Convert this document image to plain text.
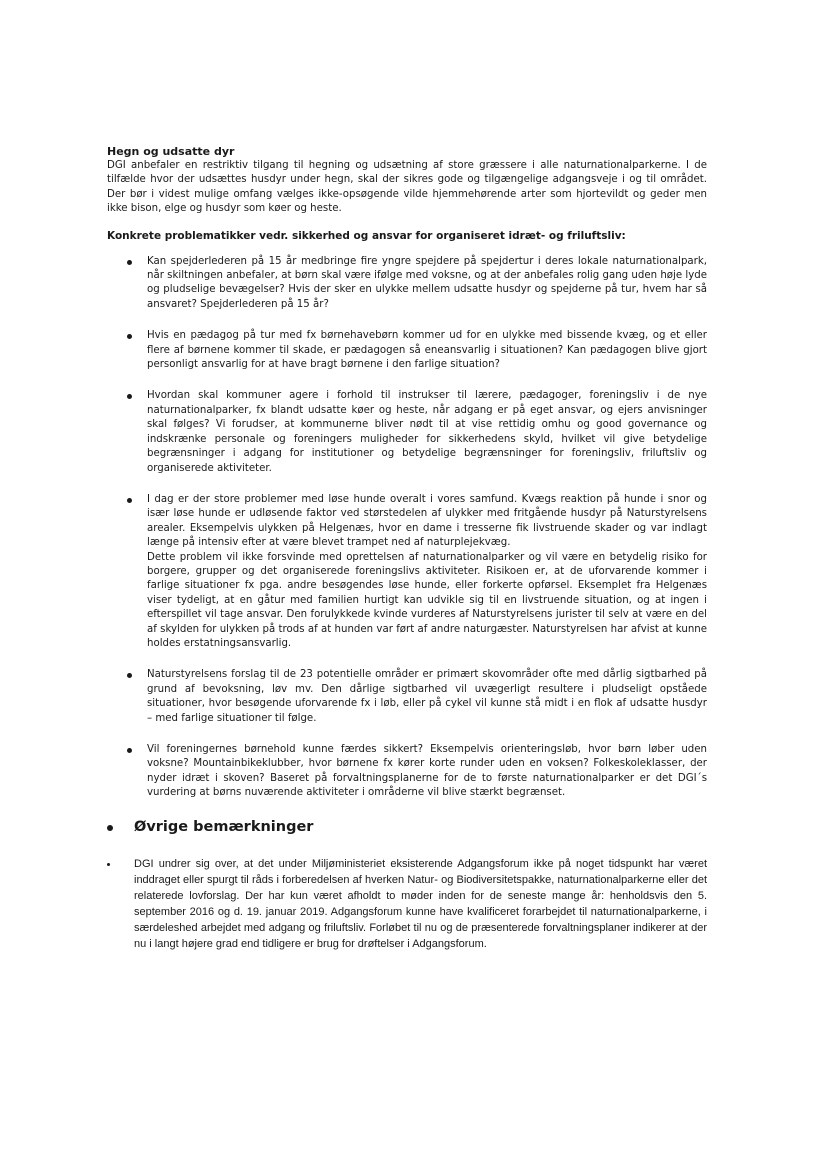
Hegn og udsatte dyr

DGI anbefaler en restriktiv tilgang til hegning og udsætning af store græssere i alle naturnationalparkerne. I de tilfælde hvor der udsættes husdyr under hegn, skal der sikres gode og tilgængelige adgangsveje i og til området. Der bør i videst mulige omfang vælges ikke-opsøgende vilde hjemmehørende arter som hjortevildt og geder men ikke bison, elge og husdyr som køer og heste.

Konkrete problematikker vedr. sikkerhed og ansvar for organiseret idræt- og friluftsliv:

Kan spejderlederen på 15 år medbringe fire yngre spejdere på spejdertur i deres lokale naturnationalpark, når skiltningen anbefaler, at børn skal være ifølge med voksne, og at der anbefales rolig gang uden høje lyde og pludselige bevægelser? Hvis der sker en ulykke mellem udsatte husdyr og spejderne på tur, hvem har så ansvaret? Spejderlederen på 15 år?

Hvis en pædagog på tur med fx børnehavebørn kommer ud for en ulykke med bissende kvæg, og et eller flere af børnene kommer til skade, er pædagogen så eneansvarlig i situationen? Kan pædagogen blive gjort personligt ansvarlig for at have bragt børnene i den farlige situation?

Hvordan skal kommuner agere i forhold til instrukser til lærere, pædagoger, foreningsliv i de nye naturnationalparker, fx blandt udsatte køer og heste, når adgang er på eget ansvar, og ejers anvisninger skal følges? Vi forudser, at kommunerne bliver nødt til at vise rettidig omhu og good governance og indskrænke personale og foreningers muligheder for sikkerhedens skyld, hvilket vil give betydelige begrænsninger i adgang for institutioner og betydelige begrænsninger for foreningsliv, friluftsliv og organiserede aktiviteter.

I dag er der store problemer med løse hunde overalt i vores samfund. Kvægs reaktion på hunde i snor og især løse hunde er udløsende faktor ved størstedelen af ulykker med fritgående husdyr på Naturstyrelsens arealer. Eksempelvis ulykken på Helgenæs, hvor en dame i tresserne fik livstruende skader og var indlagt længe på intensiv efter at være blevet trampet ned af naturplejekvæg.

Dette problem vil ikke forsvinde med oprettelsen af naturnationalparker og vil være en betydelig risiko for borgere, grupper og det organiserede foreningslivs aktiviteter. Risikoen er, at de uforvarende kommer i farlige situationer fx pga. andre besøgendes løse hunde, eller forkerte opførsel. Eksemplet fra Helgenæs viser tydeligt, at en gåtur med familien hurtigt kan udvikle sig til en livstruende situation, og at ingen i efterspillet vil tage ansvar. Den forulykkede kvinde vurderes af Naturstyrelsens jurister til selv at være en del af skylden for ulykken på trods af at hunden var ført af andre naturgæster. Naturstyrelsen har afvist at kunne holdes erstatningsansvarlig.

Naturstyrelsens forslag til de 23 potentielle områder er primært skovområder ofte med dårlig sigtbarhed på grund af bevoksning, løv mv. Den dårlige sigtbarhed vil uvægerligt resultere i pludseligt opståede situationer, hvor besøgende uforvarende fx i løb, eller på cykel vil kunne stå midt i en flok af udsatte husdyr – med farlige situationer til følge.

Vil foreningernes børnehold kunne færdes sikkert? Eksempelvis orienteringsløb, hvor børn løber uden voksne? Mountainbikeklubber, hvor børnene fx kører korte runder uden en voksen? Folkeskoleklasser, der nyder idræt i skoven? Baseret på forvaltningsplanerne for de to første naturnationalparker er det DGI´s vurdering at børns nuværende aktiviteter i områderne vil blive stærkt begrænset.

Øvrige bemærkninger

DGI undrer sig over, at det under Miljøministeriet eksisterende Adgangsforum ikke på noget tidspunkt har været inddraget eller spurgt til råds i forberedelsen af hverken Natur- og Biodiversitetspakke, naturnationalparkerne eller det relaterede lovforslag. Der har kun været afholdt to møder inden for de seneste mange år: henholdsvis den 5. september 2016 og d. 19. januar 2019. Adgangsforum kunne have kvalificeret forarbejdet til naturnationalparkerne, i særdeleshed arbejdet med adgang og friluftsliv. Forløbet til nu og de præsenterede forvaltningsplaner indikerer at der nu i langt højere grad end tidligere er brug for drøftelser i Adgangsforum.
